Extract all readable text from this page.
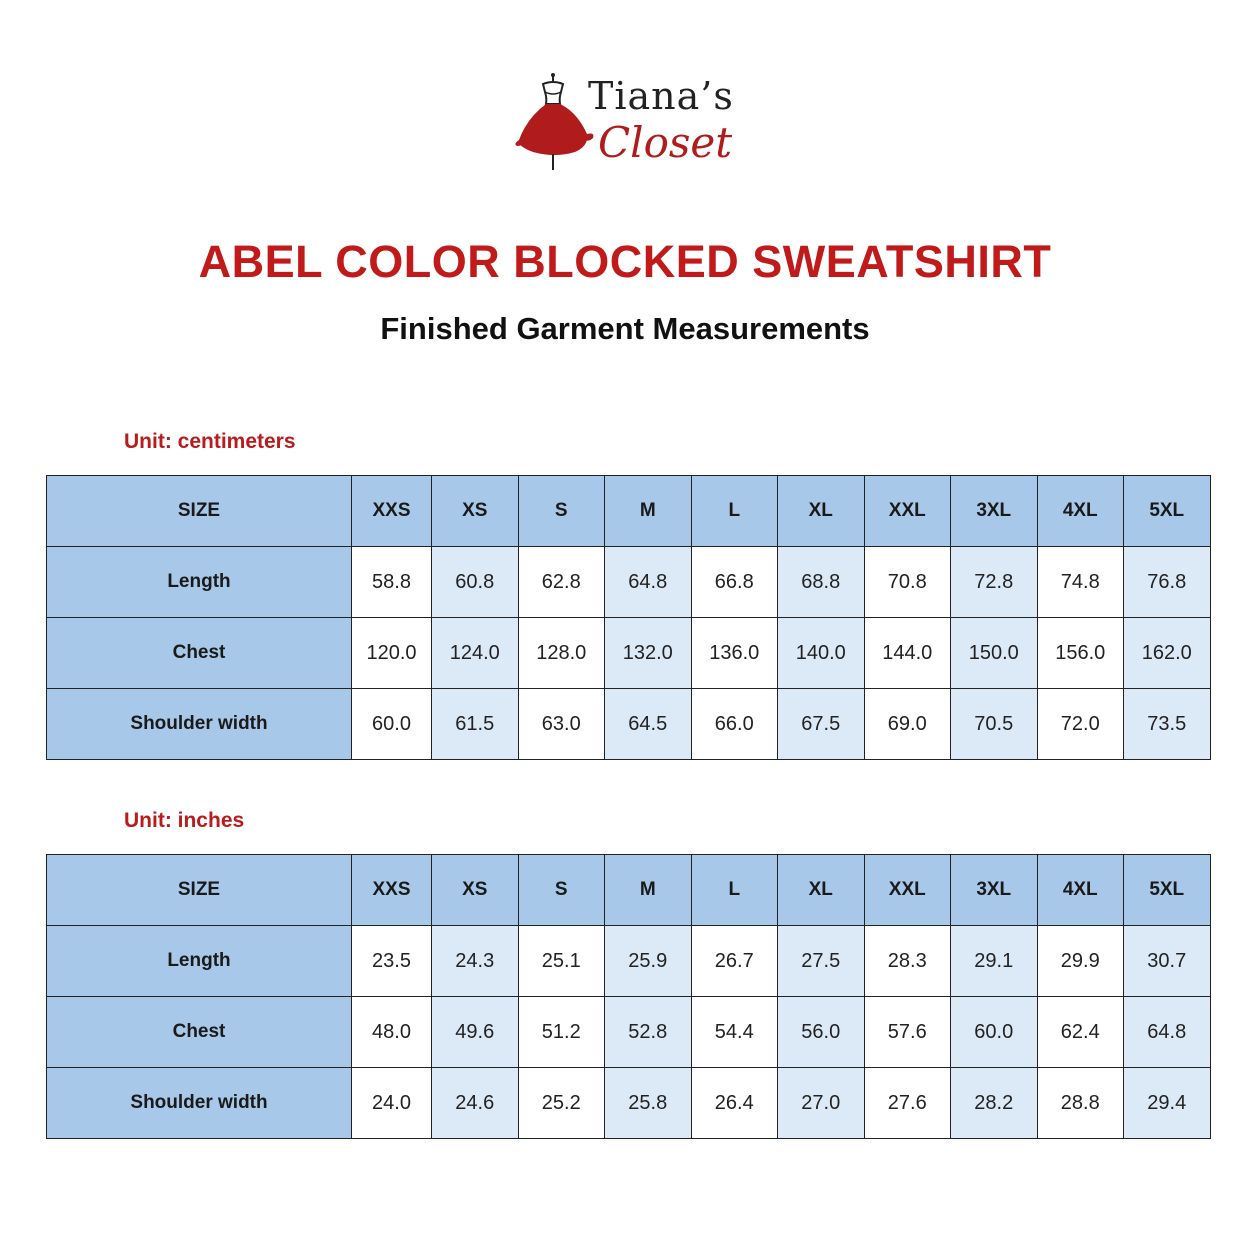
Tiana’s
Closet
ABEL COLOR BLOCKED SWEATSHIRT
Finished Garment Measurements
Unit: centimeters
SIZE	XXS	XS	S	M	L	XL	XXL	3XL	4XL	5XL
Length	58.8	60.8	62.8	64.8	66.8	68.8	70.8	72.8	74.8	76.8
Chest	120.0	124.0	128.0	132.0	136.0	140.0	144.0	150.0	156.0	162.0
Shoulder width	60.0	61.5	63.0	64.5	66.0	67.5	69.0	70.5	72.0	73.5
Unit: inches
SIZE	XXS	XS	S	M	L	XL	XXL	3XL	4XL	5XL
Length	23.5	24.3	25.1	25.9	26.7	27.5	28.3	29.1	29.9	30.7
Chest	48.0	49.6	51.2	52.8	54.4	56.0	57.6	60.0	62.4	64.8
Shoulder width	24.0	24.6	25.2	25.8	26.4	27.0	27.6	28.2	28.8	29.4
